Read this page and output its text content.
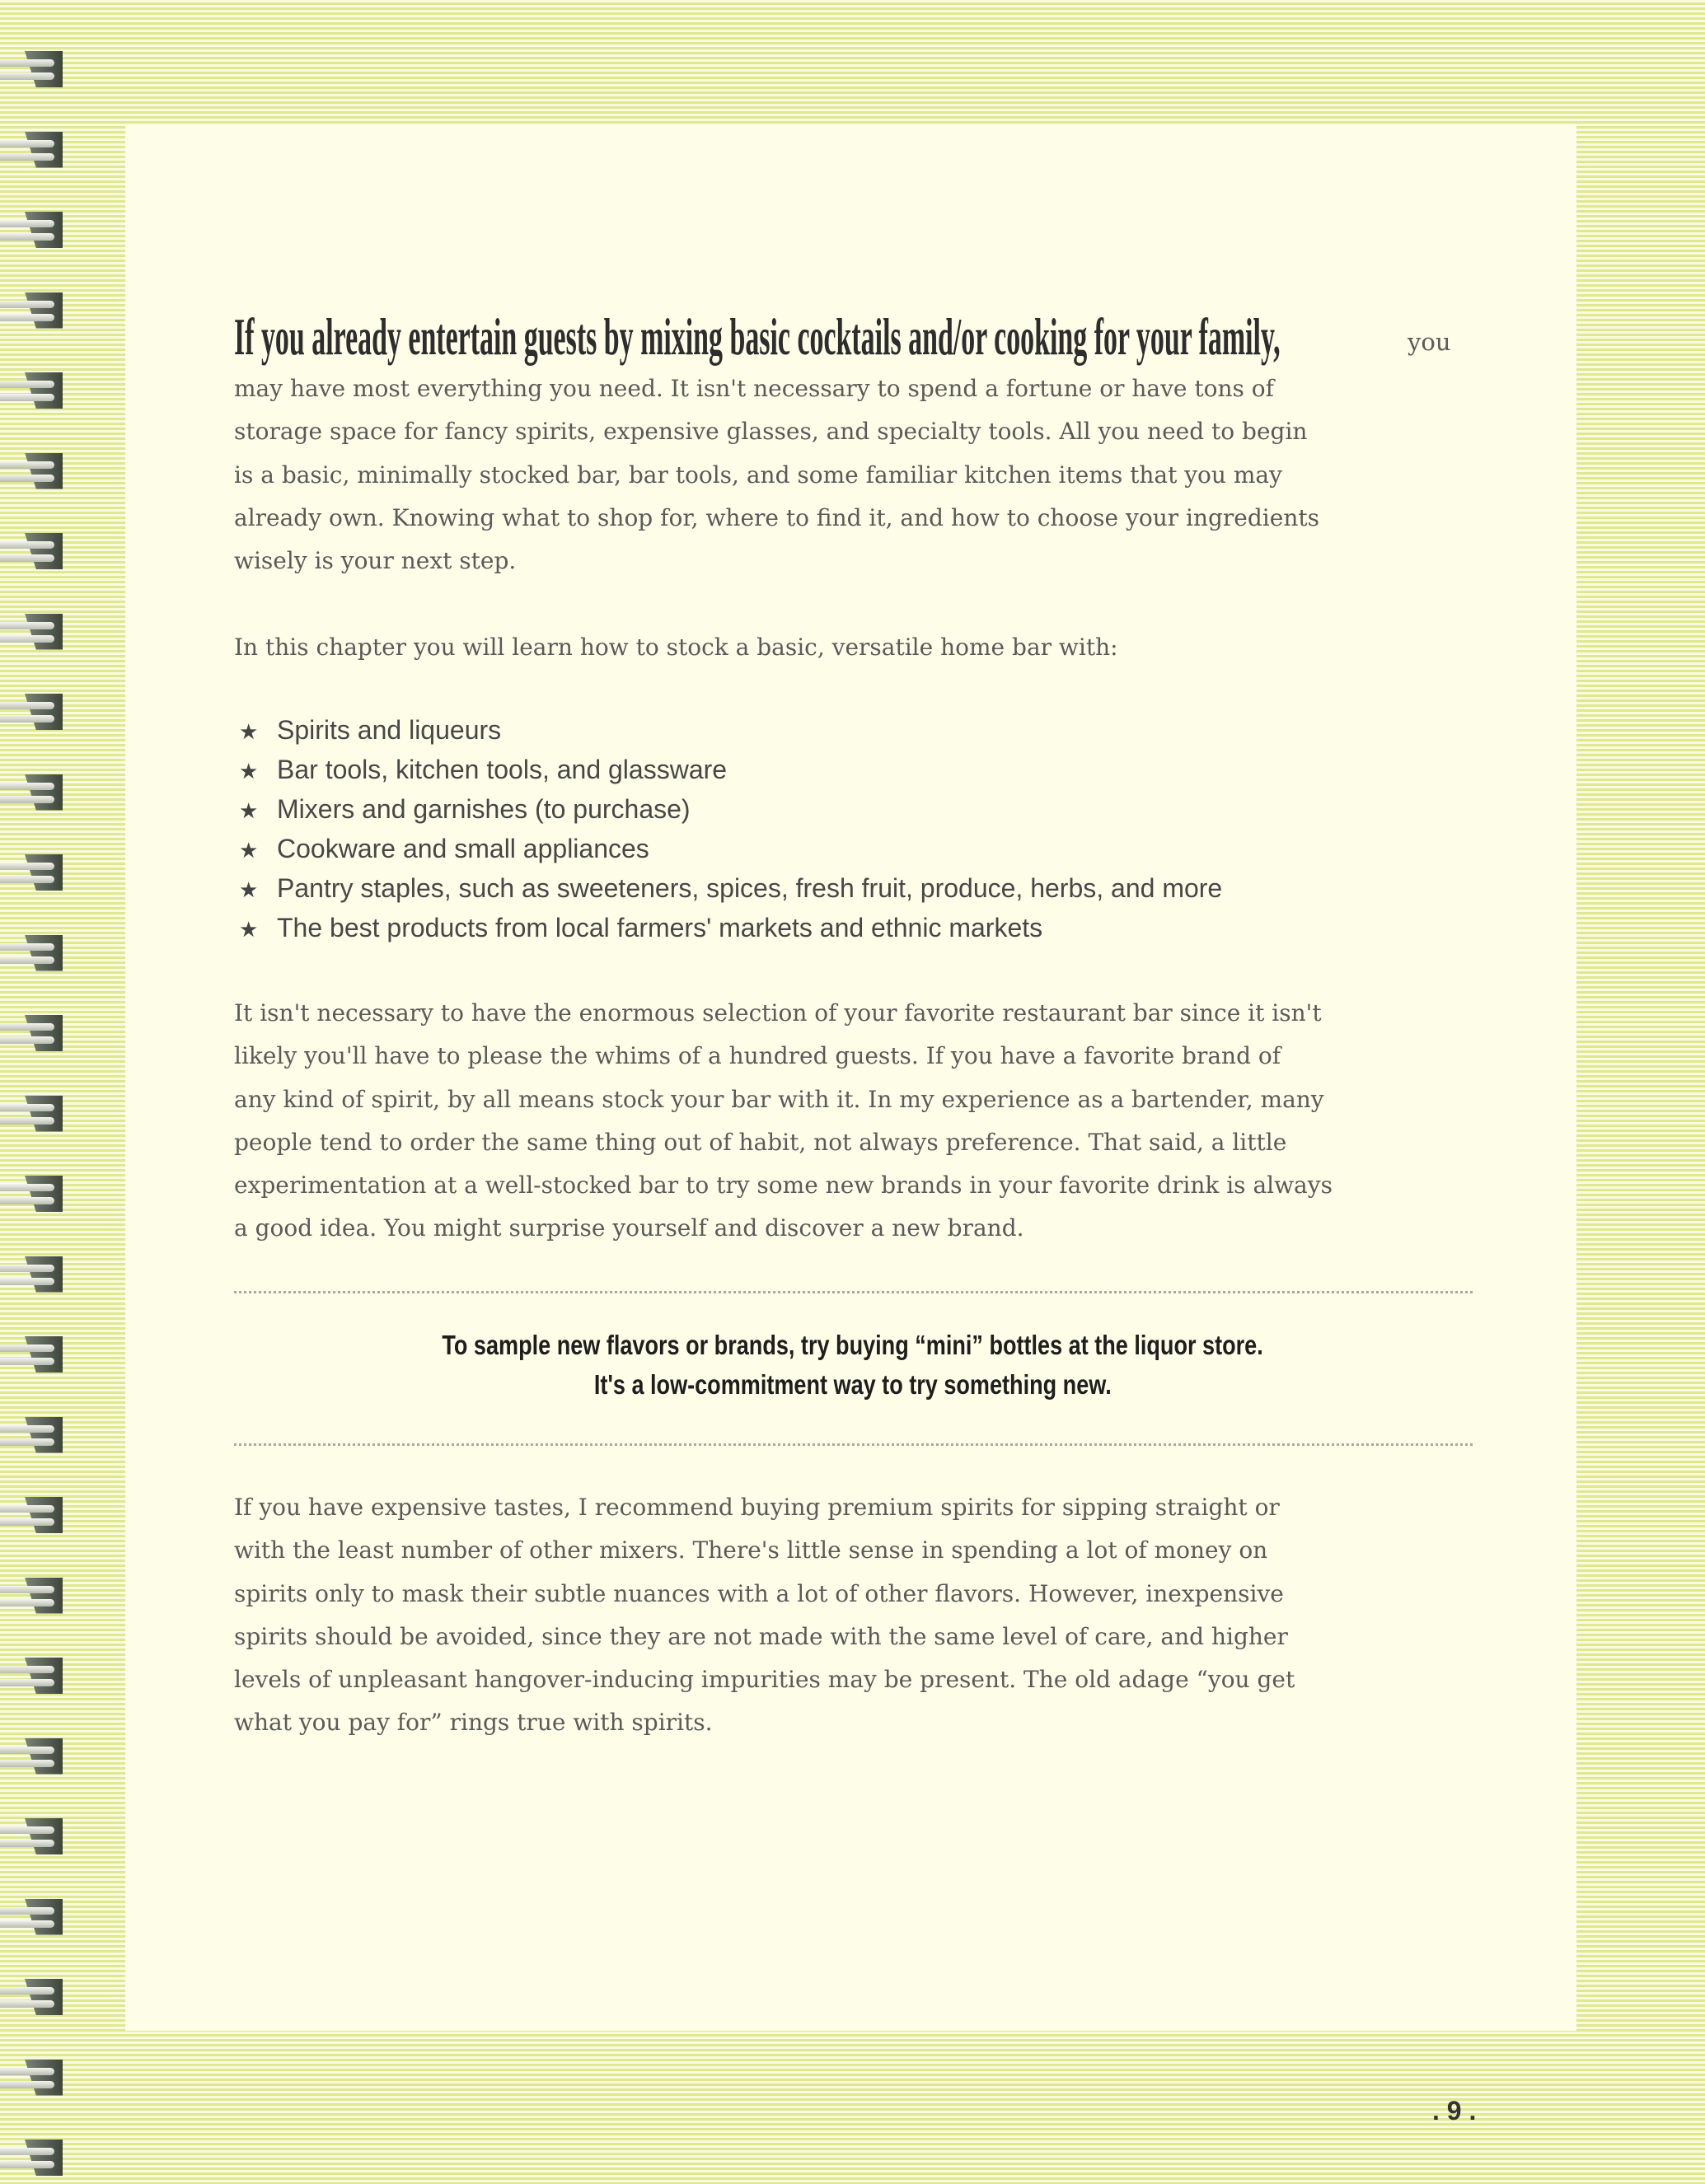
If you already entertain guests by mixing basic cocktails and/or cooking for your family,	you
may have most everything you need. It isn't necessary to spend a fortune or have tons of
storage space for fancy spirits, expensive glasses, and specialty tools. All you need to begin
is a basic, minimally stocked bar, bar tools, and some familiar kitchen items that you may
already own. Knowing what to shop for, where to find it, and how to choose your ingredients
wisely is your next step.
In this chapter you will learn how to stock a basic, versatile home bar with:
★ Spirits and liqueurs
★ Bar tools, kitchen tools, and glassware
★ Mixers and garnishes (to purchase)
★ Cookware and small appliances
★ Pantry staples, such as sweeteners, spices, fresh fruit, produce, herbs, and more
★ The best products from local farmers' markets and ethnic markets
It isn't necessary to have the enormous selection of your favorite restaurant bar since it isn't
likely you'll have to please the whims of a hundred guests. If you have a favorite brand of
any kind of spirit, by all means stock your bar with it. In my experience as a bartender, many
people tend to order the same thing out of habit, not always preference. That said, a little
experimentation at a well-stocked bar to try some new brands in your favorite drink is always
a good idea. You might surprise yourself and discover a new brand.
To sample new flavors or brands, try buying “mini” bottles at the liquor store.
It's a low-commitment way to try something new.
If you have expensive tastes, I recommend buying premium spirits for sipping straight or
with the least number of other mixers. There's little sense in spending a lot of money on
spirits only to mask their subtle nuances with a lot of other flavors. However, inexpensive
spirits should be avoided, since they are not made with the same level of care, and higher
levels of unpleasant hangover-inducing impurities may be present. The old adage “you get
what you pay for” rings true with spirits.
. 9 .
